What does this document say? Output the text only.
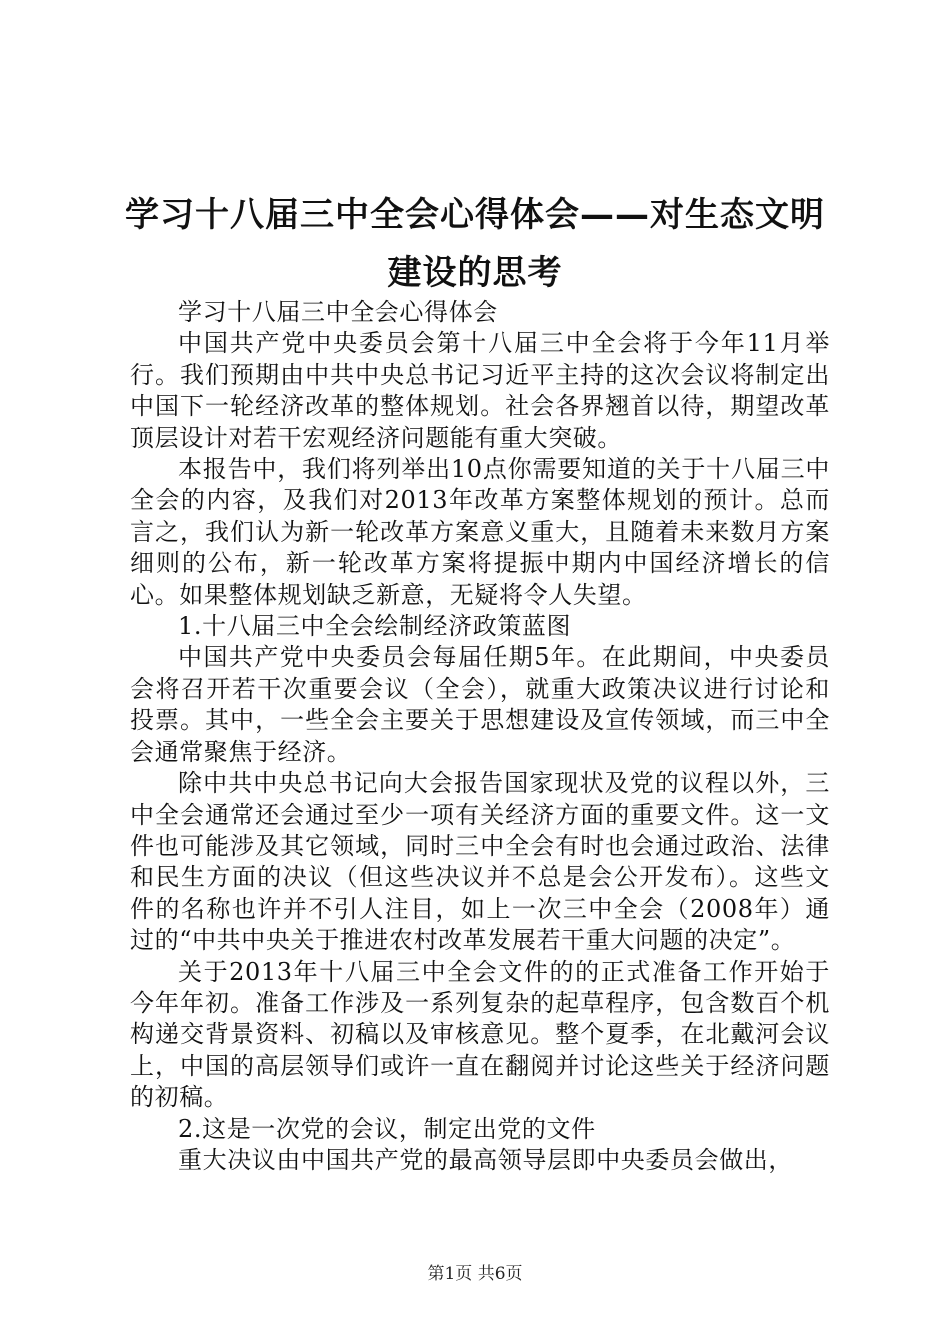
学习十八届三中全会心得体会——对生态文明建设的思考

学习十八届三中全会心得体会

中国共产党中央委员会第十八届三中全会将于今年11月举行。我们预期由中共中央总书记习近平主持的这次会议将制定出中国下一轮经济改革的整体规划。社会各界翘首以待，期望改革顶层设计对若干宏观经济问题能有重大突破。

本报告中，我们将列举出10点你需要知道的关于十八届三中全会的内容，及我们对2013年改革方案整体规划的预计。总而言之，我们认为新一轮改革方案意义重大，且随着未来数月方案细则的公布，新一轮改革方案将提振中期内中国经济增长的信心。如果整体规划缺乏新意，无疑将令人失望。

1.十八届三中全会绘制经济政策蓝图

中国共产党中央委员会每届任期5年。在此期间，中央委员会将召开若干次重要会议（全会），就重大政策决议进行讨论和投票。其中，一些全会主要关于思想建设及宣传领域，而三中全会通常聚焦于经济。

除中共中央总书记向大会报告国家现状及党的议程以外，三中全会通常还会通过至少一项有关经济方面的重要文件。这一文件也可能涉及其它领域，同时三中全会有时也会通过政治、法律和民生方面的决议（但这些决议并不总是会公开发布）。这些文件的名称也许并不引人注目，如上一次三中全会（2008年）通过的“中共中央关于推进农村改革发展若干重大问题的决定”。

关于2013年十八届三中全会文件的的正式准备工作开始于今年年初。准备工作涉及一系列复杂的起草程序，包含数百个机构递交背景资料、初稿以及审核意见。整个夏季，在北戴河会议上，中国的高层领导们或许一直在翻阅并讨论这些关于经济问题的初稿。

2.这是一次党的会议，制定出党的文件

重大决议由中国共产党的最高领导层即中央委员会做出，

第1页 共6页
